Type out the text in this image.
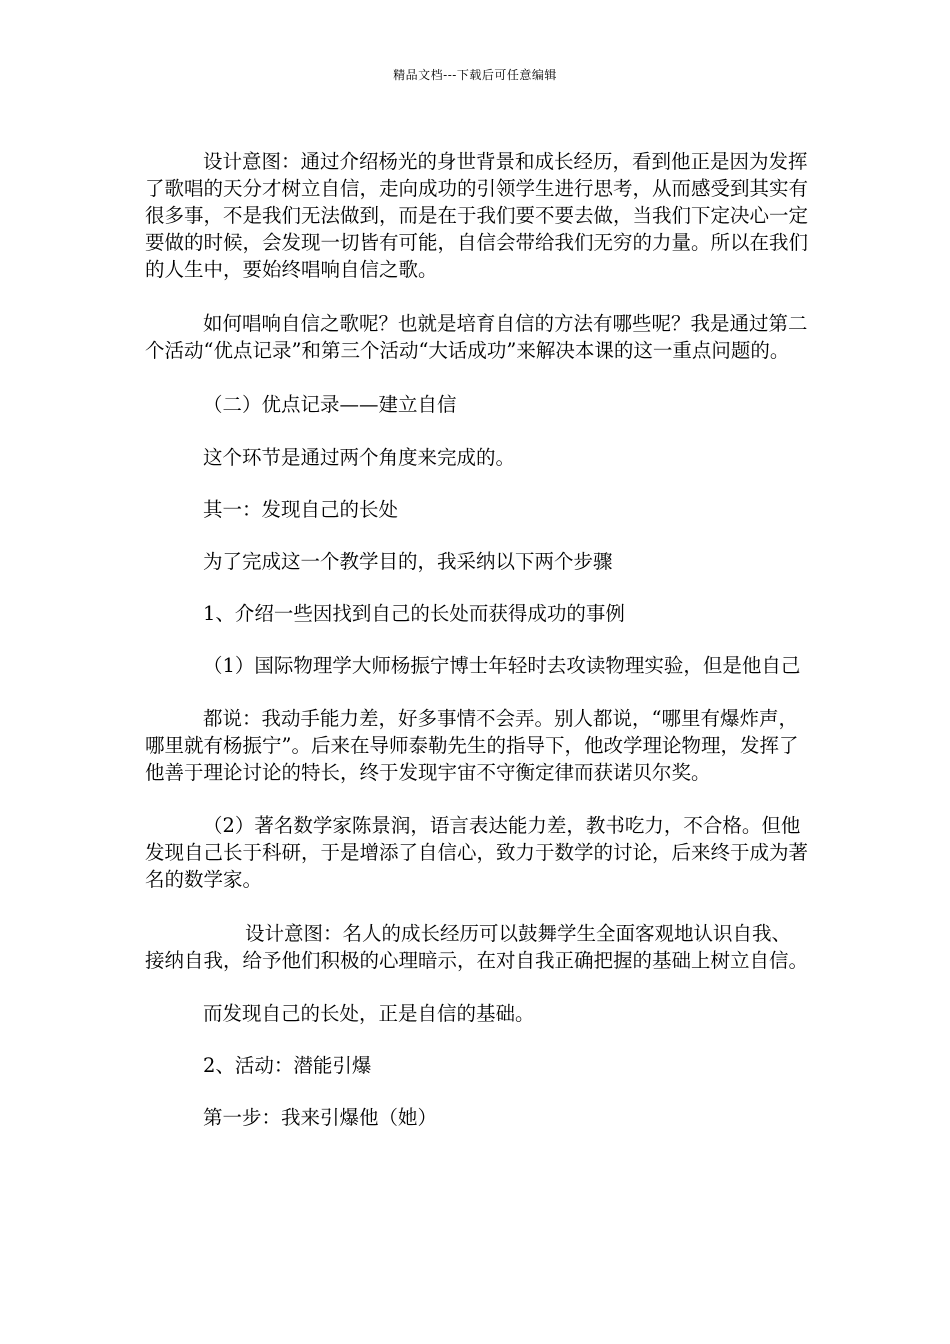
精品文档---下载后可任意编辑

设计意图：通过介绍杨光的身世背景和成长经历，看到他正是因为发挥了歌唱的天分才树立自信，走向成功的引领学生进行思考，从而感受到其实有很多事，不是我们无法做到，而是在于我们要不要去做，当我们下定决心一定要做的时候，会发现一切皆有可能，自信会带给我们无穷的力量。所以在我们的人生中，要始终唱响自信之歌。

如何唱响自信之歌呢？也就是培育自信的方法有哪些呢？我是通过第二个活动“优点记录”和第三个活动“大话成功”来解决本课的这一重点问题的。

（二）优点记录——建立自信

这个环节是通过两个角度来完成的。

其一：发现自己的长处

为了完成这一个教学目的，我采纳以下两个步骤

1、介绍一些因找到自己的长处而获得成功的事例

（1）国际物理学大师杨振宁博士年轻时去攻读物理实验，但是他自己

都说：我动手能力差，好多事情不会弄。别人都说，“哪里有爆炸声，哪里就有杨振宁”。后来在导师泰勒先生的指导下，他改学理论物理，发挥了他善于理论讨论的特长，终于发现宇宙不守衡定律而获诺贝尔奖。

（2）著名数学家陈景润，语言表达能力差，教书吃力，不合格。但他发现自己长于科研，于是增添了自信心，致力于数学的讨论，后来终于成为著名的数学家。

设计意图：名人的成长经历可以鼓舞学生全面客观地认识自我、接纳自我，给予他们积极的心理暗示，在对自我正确把握的基础上树立自信。

而发现自己的长处，正是自信的基础。

2、活动：潜能引爆

第一步：我来引爆他（她）
